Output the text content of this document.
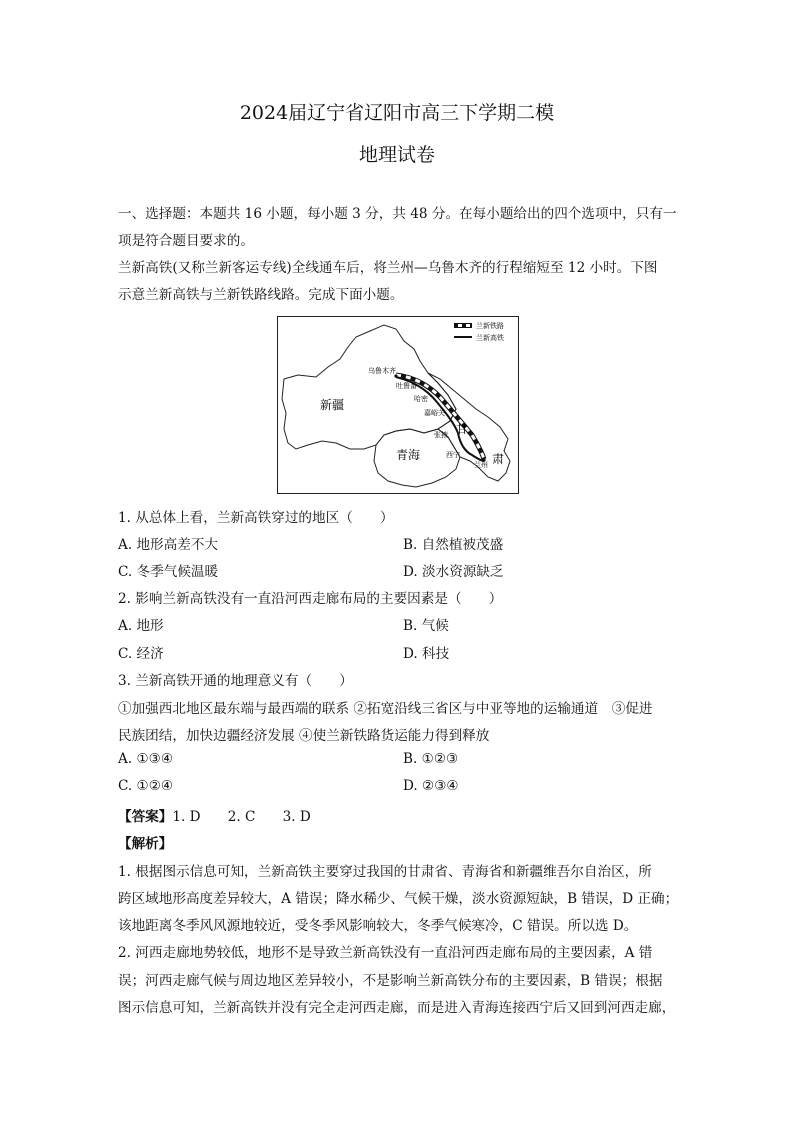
2024届辽宁省辽阳市高三下学期二模
地理试卷
一、选择题：本题共 16 小题，每小题 3 分，共 48 分。在每小题给出的四个选项中，只有一
项是符合题目要求的。
兰新高铁(又称兰新客运专线)全线通车后，将兰州—乌鲁木齐的行程缩短至 12 小时。下图
示意兰新高铁与兰新铁路线路。完成下面小题。
1. 从总体上看，兰新高铁穿过的地区（　　）
A. 地形高差不大	B. 自然植被茂盛
C. 冬季气候温暖	D. 淡水资源缺乏
2. 影响兰新高铁没有一直沿河西走廊布局的主要因素是（　　）
A. 地形	B. 气候
C. 经济	D. 科技
3. 兰新高铁开通的地理意义有（　　）
①加强西北地区最东端与最西端的联系 ②拓宽沿线三省区与中亚等地的运输通道　③促进
民族团结，加快边疆经济发展 ④使兰新铁路货运能力得到释放
A. ①③④	B. ①②③
C. ①②④	D. ②③④
【答案】1. D　　2. C　　3. D
【解析】
1. 根据图示信息可知，兰新高铁主要穿过我国的甘肃省、青海省和新疆维吾尔自治区，所
跨区域地形高度差异较大，A 错误；降水稀少、气候干燥，淡水资源短缺，B 错误，D 正确；
该地距离冬季风风源地较近，受冬季风影响较大，冬季气候寒冷，C 错误。所以选 D。
2. 河西走廊地势较低，地形不是导致兰新高铁没有一直沿河西走廊布局的主要因素，A 错
误；河西走廊气候与周边地区差异较小，不是影响兰新高铁分布的主要因素，B 错误；根据
图示信息可知，兰新高铁并没有完全走河西走廊，而是进入青海连接西宁后又回到河西走廊，
兰新铁路
兰新高铁
乌鲁木齐
吐鲁番
新疆	哈密
嘉峪关
张掖
青海	西宁
兰州
甘
肃
